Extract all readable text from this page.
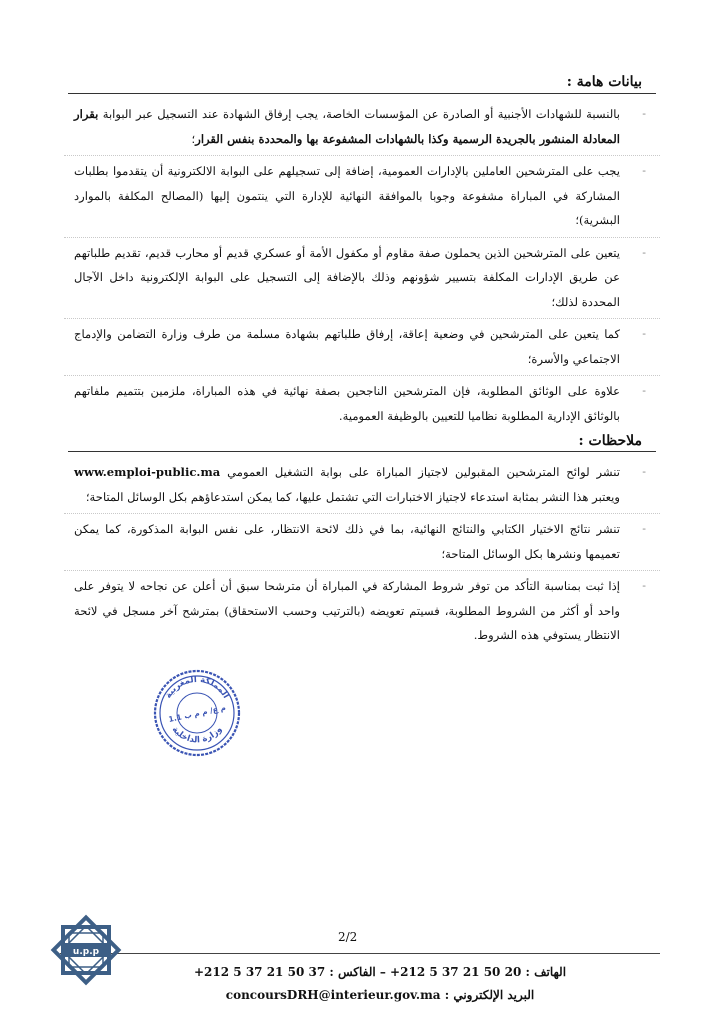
بيانات هامة :
-
بالنسبة للشهادات الأجنبية أو الصادرة عن المؤسسات الخاصة، يجب إرفاق الشهادة عند التسجيل عبر البوابة بقرار المعادلة المنشور بالجريدة الرسمية وكذا بالشهادات المشفوعة بها والمحددة بنفس القرار؛
-
يجب على المترشحين العاملين بالإدارات العمومية، إضافة إلى تسجيلهم على البوابة الالكترونية أن يتقدموا بطلبات المشاركة في المباراة مشفوعة وجوبا بالموافقة النهائية للإدارة التي ينتمون إليها (المصالح المكلفة بالموارد البشرية)؛
-
يتعين على المترشحين الذين يحملون صفة مقاوم أو مكفول الأمة أو عسكري قديم أو محارب قديم، تقديم طلباتهم عن طريق الإدارات المكلفة بتسيير شؤونهم وذلك بالإضافة إلى التسجيل على البوابة الإلكترونية داخل الآجال المحددة لذلك؛
-
كما يتعين على المترشحين في وضعية إعاقة، إرفاق طلباتهم بشهادة مسلمة من طرف وزارة التضامن والإدماج الاجتماعي والأسرة؛
-
علاوة على الوثائق المطلوبة، فإن المترشحين الناجحين بصفة نهائية في هذه المباراة، ملزمين بتتميم ملفاتهم بالوثائق الإدارية المطلوبة نظاميا للتعيين بالوظيفة العمومية.
ملاحظات :
-
تنشر لوائح المترشحين المقبولين لاجتياز المباراة على بوابة التشغيل العمومي www.emploi-public.ma ويعتبر هذا النشر بمثابة استدعاء لاجتياز الاختبارات التي تشتمل عليها، كما يمكن استدعاؤهم بكل الوسائل المتاحة؛
-
تنشر نتائج الاختيار الكتابي والنتائج النهائية، بما في ذلك لائحة الانتظار، على نفس البوابة المذكورة، كما يمكن تعميمها ونشرها بكل الوسائل المتاحة؛
-
إذا ثبت بمناسبة التأكد من توفر شروط المشاركة في المباراة أن مترشحا سبق أن أعلن عن نجاحه لا يتوفر على واحد أو أكثر من الشروط المطلوبة، فسيتم تعويضه (بالترتيب وحسب الاستحقاق) بمترشح آخر مسجل في لائحة الانتظار يستوفي هذه الشروط.
المملكة المغربية
وزارة الداخلية
م ع/ م م ب 1.1
2/2
u.p.p
الهاتف : 20 50 21 37 5 212+ – الفاكس : 37 50 21 37 5 212+
البريد الإلكتروني : concoursDRH@interieur.gov.ma
